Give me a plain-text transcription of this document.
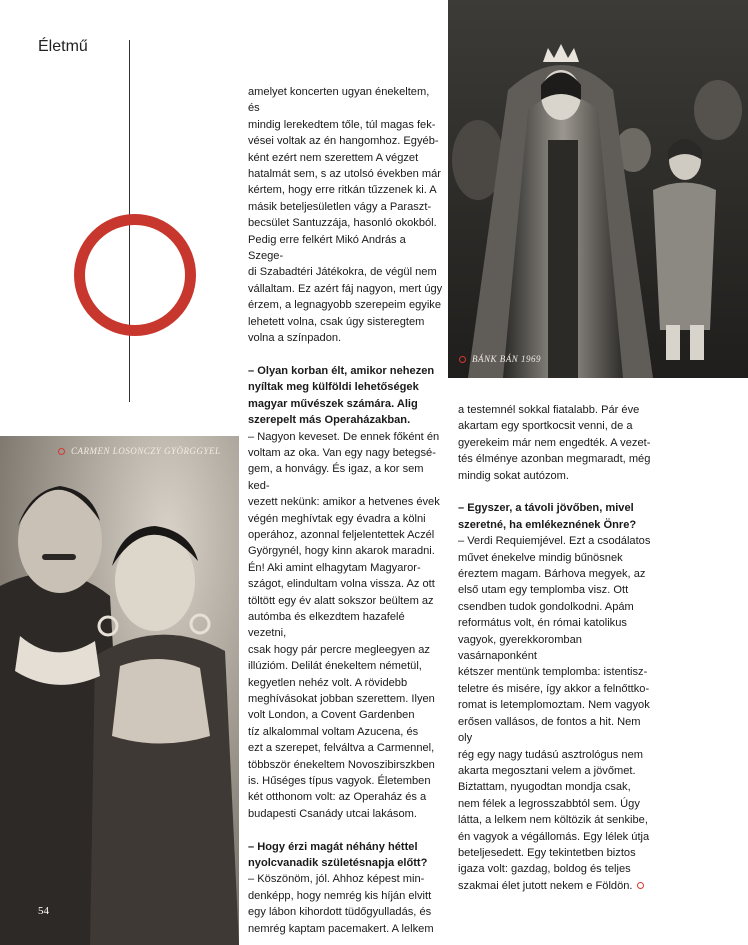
Életmű
BÁNK BÁN 1969
CARMEN LOSONCZY GYÖRGGYEL

amelyet koncerten ugyan énekeltem, és
mindig lerekedtem tőle, túl magas fek-
vései voltak az én hangomhoz. Egyéb-
ként ezért nem szerettem A végzet
hatalmát sem, s az utolsó években már
kértem, hogy erre ritkán tűzzenek ki. A
másik beteljesületlen vágy a Paraszt-
becsület Santuzzája, hasonló okokból.
Pedig erre felkért Mikó András a Szege-
di Szabadtéri Játékokra, de végül nem
vállaltam. Ez azért fáj nagyon, mert úgy
érzem, a legnagyobb szerepeim egyike
lehetett volna, csak úgy sisteregtem
volna a színpadon.

– Olyan korban élt, amikor nehezen
nyíltak meg külföldi lehetőségek
magyar művészek számára. Alig
szerepelt más Operaházakban.

– Nagyon keveset. De ennek főként én
voltam az oka. Van egy nagy betegsé-
gem, a honvágy. És igaz, a kor sem ked-
vezett nekünk: amikor a hetvenes évek
végén meghívtak egy évadra a kölni
operához, azonnal feljelentettek Aczél
Györgynél, hogy kinn akarok maradni.
Én! Aki amint elhagytam Magyaror-
szágot, elindultam volna vissza. Az ott
töltött egy év alatt sokszor beültem az
autómba és elkezdtem hazafelé vezetni,
csak hogy pár percre megleegyen az
illúzióm. Delilát énekeltem németül,
kegyetlen nehéz volt. A rövidebb
meghívásokat jobban szerettem. Ilyen
volt London, a Covent Gardenben
tíz alkalommal voltam Azucena, és
ezt a szerepet, felváltva a Carmennel,
többször énekeltem Novoszibirszkben
is. Hűséges típus vagyok. Életemben
két otthonom volt: az Operaház és a
budapesti Csanády utcai lakásom.

– Hogy érzi magát néhány héttel
nyolcvanadik születésnapja előtt?

– Köszönöm, jól. Ahhoz képest min-
denképp, hogy nemrég kis híján elvitt
egy lábon kihordott tüdőgyulladás, és
nemrég kaptam pacemakert. A lelkem

a testemnél sokkal fiatalabb. Pár éve
akartam egy sportkocsit venni, de a
gyerekeim már nem engedték. A vezet-
tés élménye azonban megmaradt, még
mindig sokat autózom.

– Egyszer, a távoli jövőben, mivel
szeretné, ha emlékeznének Önre?

– Verdi Requiemjével. Ezt a csodálatos
művet énekelve mindig bűnösnek
éreztem magam. Bárhova megyek, az
első utam egy templomba visz. Ott
csendben tudok gondolkodni. Apám
református volt, én római katolikus
vagyok, gyerekkoromban vasárnaponként
kétszer mentünk templomba: istentisz-
teletre és misére, így akkor a felnőttko-
romat is letemplomoztam. Nem vagyok
erősen vallásos, de fontos a hit. Nem oly
rég egy nagy tudású asztrológus nem
akarta megosztani velem a jövőmet.
Biztattam, nyugodtan mondja csak,
nem félek a legrosszabbtól sem. Úgy
látta, a lelkem nem költözik át senkibe,
én vagyok a végállomás. Egy lélek útja
beteljesedett. Egy tekintetben biztos
igaza volt: gazdag, boldog és teljes
szakmai élet jutott nekem e Földön.

54
